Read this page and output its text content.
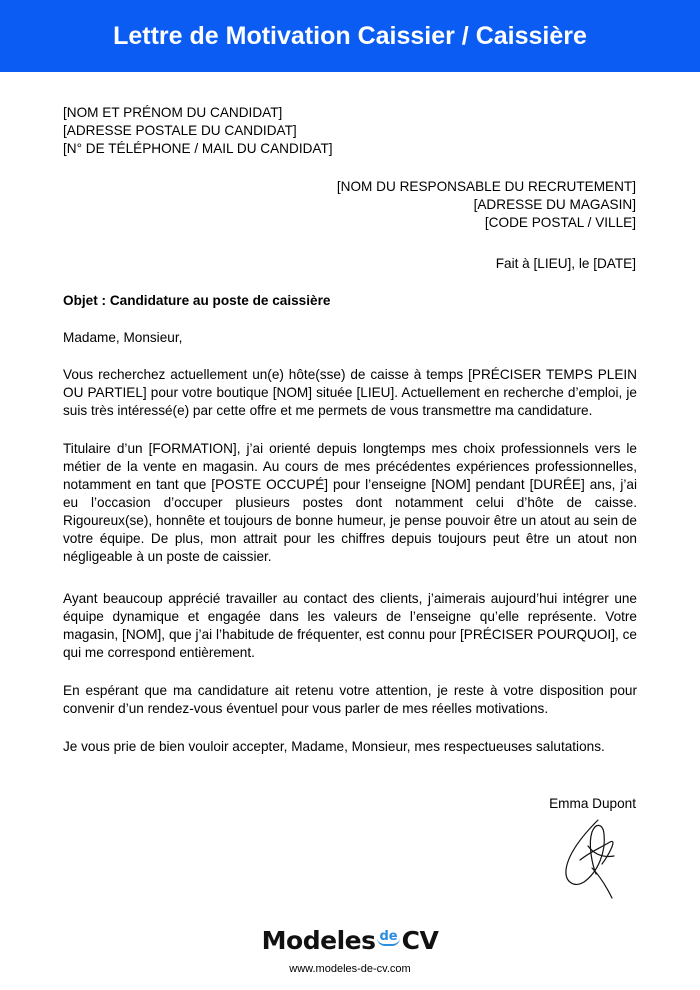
Lettre de Motivation Caissier / Caissière
[NOM ET PRÉNOM DU CANDIDAT]
[ADRESSE POSTALE DU CANDIDAT]
[N° DE TÉLÉPHONE / MAIL DU CANDIDAT]
[NOM DU RESPONSABLE DU RECRUTEMENT]
[ADRESSE DU MAGASIN]
[CODE POSTAL / VILLE]
Fait à [LIEU], le [DATE]
Objet : Candidature au poste de caissière
Madame, Monsieur,

Vous recherchez actuellement un(e) hôte(sse) de caisse à temps [PRÉCISER TEMPS PLEIN OU PARTIEL] pour votre boutique [NOM] située [LIEU]. Actuellement en recherche d’emploi, je suis très intéressé(e) par cette offre et me permets de vous transmettre ma candidature.

Titulaire d’un [FORMATION], j’ai orienté depuis longtemps mes choix professionnels vers le métier de la vente en magasin. Au cours de mes précédentes expériences professionnelles, notamment en tant que [POSTE OCCUPÉ] pour l’enseigne [NOM] pendant [DURÉE] ans, j’ai eu l’occasion d’occuper plusieurs postes dont notamment celui d’hôte de caisse. Rigoureux(se), honnête et toujours de bonne humeur, je pense pouvoir être un atout au sein de votre équipe. De plus, mon attrait pour les chiffres depuis toujours peut être un atout non négligeable à un poste de caissier.

Ayant beaucoup apprécié travailler au contact des clients, j’aimerais aujourd’hui intégrer une équipe dynamique et engagée dans les valeurs de l’enseigne qu’elle représente. Votre magasin, [NOM], que j’ai l’habitude de fréquenter, est connu pour [PRÉCISER POURQUOI], ce qui me correspond entièrement.

En espérant que ma candidature ait retenu votre attention, je reste à votre disposition pour convenir d’un rendez-vous éventuel pour vous parler de mes réelles motivations.

Je vous prie de bien vouloir accepter, Madame, Monsieur, mes respectueuses salutations.

Emma Dupont
Modeles de CV
www.modeles-de-cv.com
